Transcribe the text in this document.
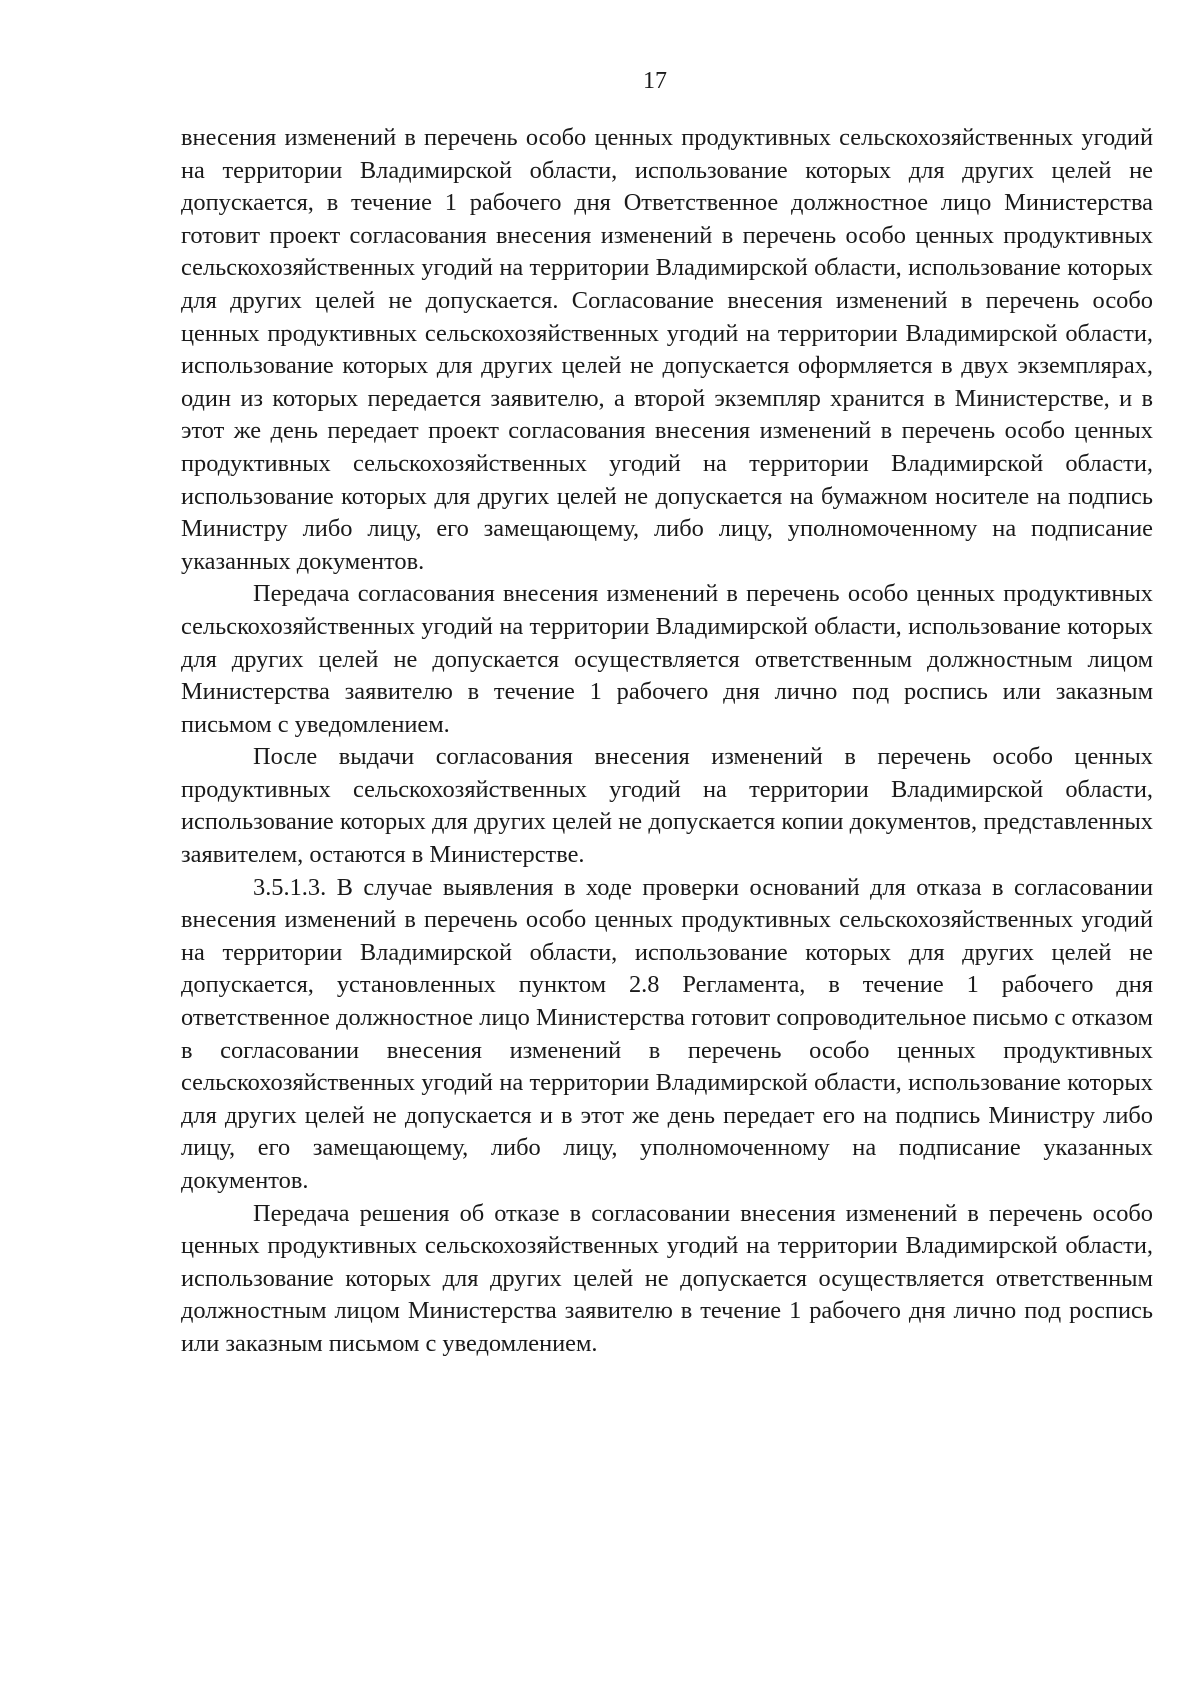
17

внесения изменений в перечень особо ценных продуктивных сельскохозяйственных угодий на территории Владимирской области, использование которых для других целей не допускается, в течение 1 рабочего дня Ответственное должностное лицо Министерства готовит проект согласования внесения изменений в перечень особо ценных продуктивных сельскохозяйственных угодий на территории Владимирской области, использование которых для других целей не допускается. Согласование внесения изменений в перечень особо ценных продуктивных сельскохозяйственных угодий на территории Владимирской области, использование которых для других целей не допускается оформляется в двух экземплярах, один из которых передается заявителю, а второй экземпляр хранится в Министерстве, и в этот же день передает проект согласования внесения изменений в перечень особо ценных продуктивных сельскохозяйственных угодий на территории Владимирской области, использование которых для других целей не допускается на бумажном носителе на подпись Министру либо лицу, его замещающему, либо лицу, уполномоченному на подписание указанных документов.

Передача согласования внесения изменений в перечень особо ценных продуктивных сельскохозяйственных угодий на территории Владимирской области, использование которых для других целей не допускается осуществляется ответственным должностным лицом Министерства заявителю в течение 1 рабочего дня лично под роспись или заказным письмом с уведомлением.

После выдачи согласования внесения изменений в перечень особо ценных продуктивных сельскохозяйственных угодий на территории Владимирской области, использование которых для других целей не допускается копии документов, представленных заявителем, остаются в Министерстве.

3.5.1.3. В случае выявления в ходе проверки оснований для отказа в согласовании внесения изменений в перечень особо ценных продуктивных сельскохозяйственных угодий на территории Владимирской области, использование которых для других целей не допускается, установленных пунктом 2.8 Регламента, в течение 1 рабочего дня ответственное должностное лицо Министерства готовит сопроводительное письмо с отказом в согласовании внесения изменений в перечень особо ценных продуктивных сельскохозяйственных угодий на территории Владимирской области, использование которых для других целей не допускается и в этот же день передает его на подпись Министру либо лицу, его замещающему, либо лицу, уполномоченному на подписание указанных документов.

Передача решения об отказе в согласовании внесения изменений в перечень особо ценных продуктивных сельскохозяйственных угодий на территории Владимирской области, использование которых для других целей не допускается осуществляется ответственным должностным лицом Министерства заявителю в течение 1 рабочего дня лично под роспись или заказным письмом с уведомлением.
